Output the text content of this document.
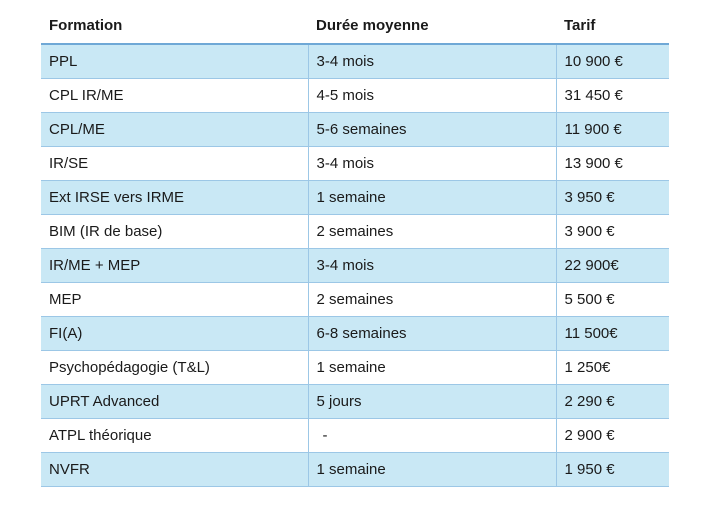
Formation	Durée moyenne	Tarif
PPL	3-4 mois	10 900 €
CPL IR/ME	4-5 mois	31 450 €
CPL/ME	5-6 semaines	11 900 €
IR/SE	3-4 mois	13 900 €
Ext IRSE vers IRME	1 semaine	3 950 €
BIM (IR de base)	2 semaines	3 900 €
IR/ME + MEP	3-4 mois	22 900€
MEP	2 semaines	5 500 €
FI(A)	6-8 semaines	11 500€
Psychopédagogie (T&L)	1 semaine	1 250€
UPRT Advanced	5 jours	2 290 €
ATPL théorique	-	2 900 €
NVFR	1 semaine	1 950 €
